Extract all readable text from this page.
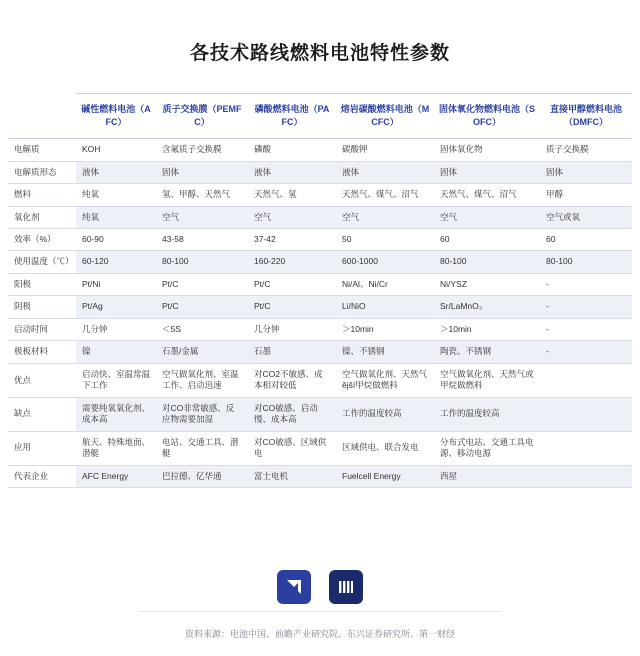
各技术路线燃料电池特性参数
	碱性燃料电池（AFC）	质子交换膜（PEMFC）	磷酸燃料电池（PAFC）	熔岩碳酸燃料电池（MCFC）	固体氧化物燃料电池（SOFC）	直接甲醇燃料电池（DMFC）
电解质	KOH	含氟质子交换膜	磷酸	碳酸钾	固体氧化物	质子交换膜
电解质形态	液体	固体	液体	液体	固体	固体
燃料	纯氧	氢、甲醇、天然气	天然气、氢	天然气、煤气、沼气	天然气、煤气、沼气	甲醇
氧化剂	纯氧	空气	空气	空气	空气	空气或氧
效率（%）	60-90	43-58	37-42	50	60	60
使用温度（℃）	60-120	80-100	160-220	600-1000	80-100	80-100
阳极	Pt/Ni	Pt/C	Pt/C	Ni/Al、Ni/Cr	Ni/YSZ	-
阴极	Pt/Ag	Pt/C	Pt/C	Li/NiO	Sr/LaMnO₃	-
启动时间	几分钟	＜5S	几分钟	＞10min	＞10min	-
极板材料	镍	石墨/金属	石墨	镍、不锈钢	陶瓷、不锈钢	-
优点	启动快、室温常温下工作	空气做氧化剂、室温工作、启动迅速	对CO2不敏感、成本相对较低	空气做氧化剂、天然气ější甲烷做燃料	空气做氧化剂、天然气或甲烷做燃料	
缺点	需要纯氧氧化剂、成本高	对CO非常敏感、反应物需要加湿	对CO敏感、启动慢、成本高	工作的温度较高	工作的温度较高	
应用	航天、特殊地面、潜艇	电站、交通工具、潜艇	对CO敏感、区域供电	区域供电、联合发电	分布式电站、交通工具电源、移动电源	
代表企业	AFC Energy	巴拉德、亿华通	富士电机	Fuelcell Energy	西屋	
资料来源：电池中国、前瞻产业研究院、东兴证券研究所、第一财经
